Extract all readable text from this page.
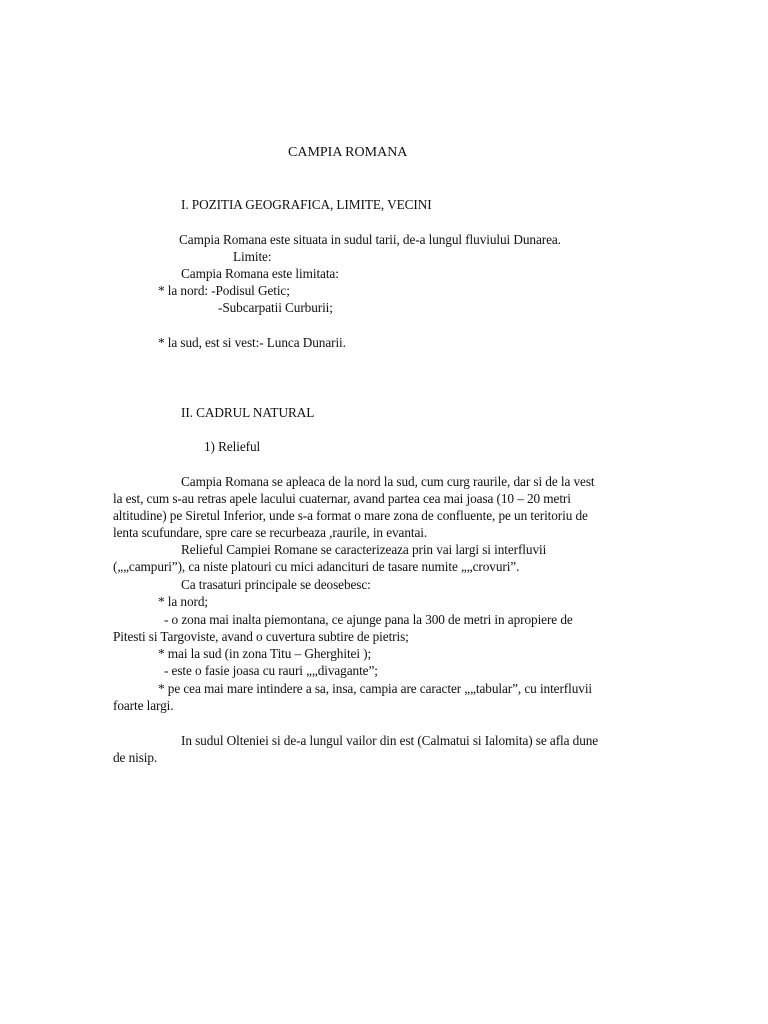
CAMPIA ROMANA
I. POZITIA GEOGRAFICA, LIMITE, VECINI
Campia Romana este situata in sudul tarii, de-a lungul fluviului Dunarea.
Limite:
Campia Romana este limitata:
* la nord: -Podisul Getic;
-Subcarpatii Curburii;
* la sud, est si vest:- Lunca Dunarii.
II. CADRUL NATURAL
1) Relieful
Campia Romana se apleaca de la nord la sud, cum curg raurile, dar si de la vest
la est, cum s-au retras apele lacului cuaternar, avand partea cea mai joasa (10 – 20 metri
altitudine) pe Siretul Inferior, unde s-a format o mare zona de confluente, pe un teritoriu de
lenta scufundare, spre care se recurbeaza ,raurile, in evantai.
Relieful Campiei Romane se caracterizeaza prin vai largi si interfluvii
(„„campuri”), ca niste platouri cu mici adancituri de tasare numite „„crovuri”.
Ca trasaturi principale se deosebesc:
* la nord;
- o zona mai inalta piemontana, ce ajunge pana la 300 de metri in apropiere de
Pitesti si Targoviste, avand o cuvertura subtire de pietris;
* mai la sud (in zona Titu – Gherghitei );
- este o fasie joasa cu rauri „„divagante”;
* pe cea mai mare intindere a sa, insa, campia are caracter „„tabular”, cu interfluvii
foarte largi.
In sudul Olteniei si de-a lungul vailor din est (Calmatui si Ialomita) se afla dune
de nisip.
